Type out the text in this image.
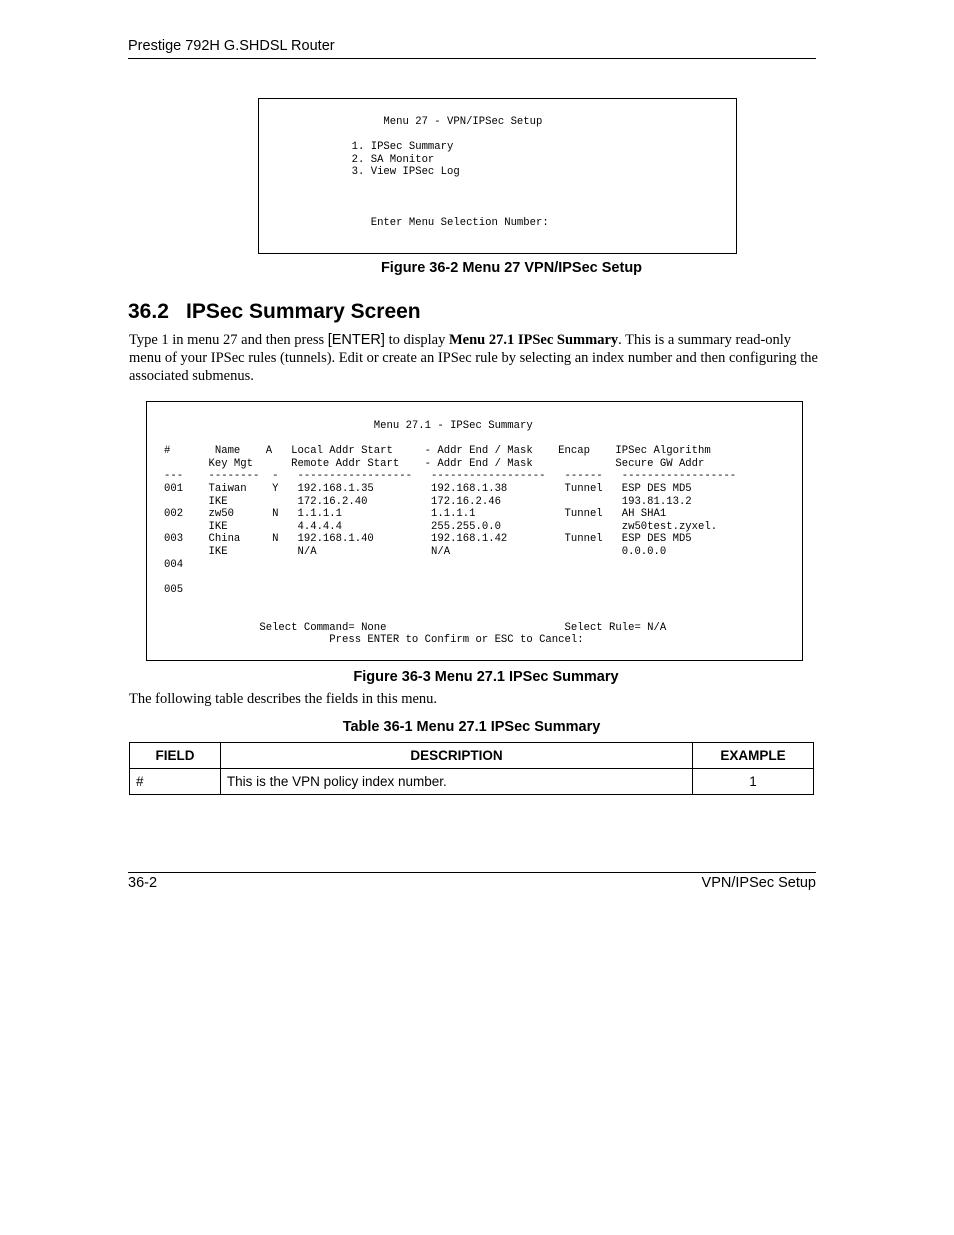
Prestige 792H G.SHDSL Router
Menu 27 - VPN/IPSec Setup

1. IPSec Summary
2. SA Monitor
3. View IPSec Log

Enter Menu Selection Number:
Figure 36-2 Menu 27 VPN/IPSec Setup
36.2 IPSec Summary Screen
Type 1 in menu 27 and then press [ENTER] to display Menu 27.1 IPSec Summary. This is a summary read-only menu of your IPSec rules (tunnels). Edit or create an IPSec rule by selecting an index number and then configuring the associated submenus.
Menu 27.1 - IPSec Summary

#       Name    A   Local Addr Start     - Addr End / Mask    Encap    IPSec Algorithm
Key Mgt      Remote Addr Start    - Addr End / Mask             Secure GW Addr
---    --------  -   ------------------   ------------------   ------   ------------------
001    Taiwan    Y   192.168.1.35         192.168.1.38         Tunnel   ESP DES MD5
IKE           172.16.2.40          172.16.2.46                   193.81.13.2
002    zw50      N   1.1.1.1              1.1.1.1              Tunnel   AH SHA1
IKE           4.4.4.4              255.255.0.0                   zw50test.zyxel.
003    China     N   192.168.1.40         192.168.1.42         Tunnel   ESP DES MD5
IKE           N/A                  N/A                           0.0.0.0
004

005

Select Command= None                            Select Rule= N/A
Press ENTER to Confirm or ESC to Cancel:
Figure 36-3 Menu 27.1 IPSec Summary
The following table describes the fields in this menu.
Table 36-1 Menu 27.1 IPSec Summary
FIELD	DESCRIPTION	EXAMPLE
#	This is the VPN policy index number.	1
36-2	VPN/IPSec Setup
